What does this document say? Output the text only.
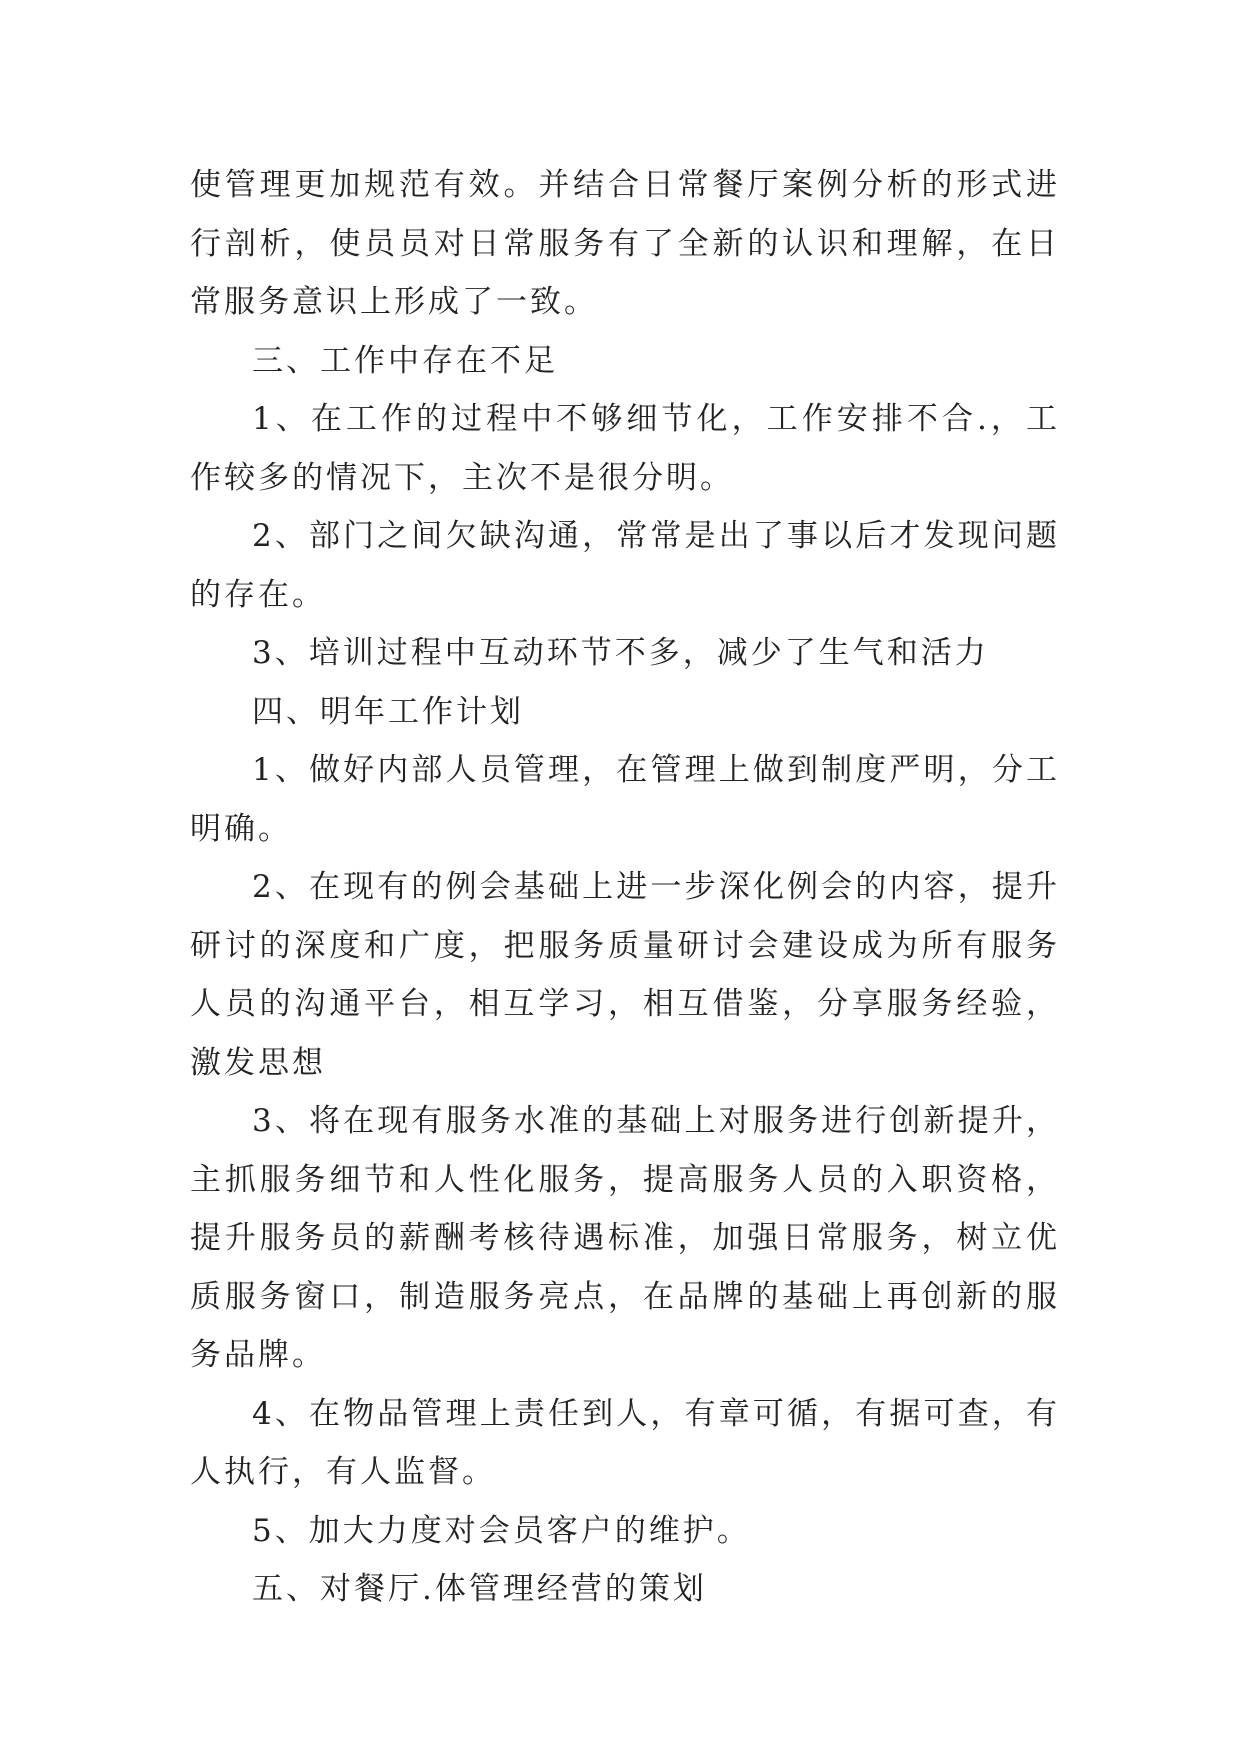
使管理更加规范有效。并结合日常餐厅案例分析的形式进行剖析，使员员对日常服务有了全新的认识和理解，在日常服务意识上形成了一致。

三、工作中存在不足

1、在工作的过程中不够细节化，工作安排不合.，工作较多的情况下，主次不是很分明。

2、部门之间欠缺沟通，常常是出了事以后才发现问题的存在。

3、培训过程中互动环节不多，减少了生气和活力

四、明年工作计划

1、做好内部人员管理，在管理上做到制度严明，分工明确。

2、在现有的例会基础上进一步深化例会的内容，提升研讨的深度和广度，把服务质量研讨会建设成为所有服务人员的沟通平台，相互学习，相互借鉴，分享服务经验，激发思想

3、将在现有服务水准的基础上对服务进行创新提升，主抓服务细节和人性化服务，提高服务人员的入职资格，提升服务员的薪酬考核待遇标准，加强日常服务，树立优质服务窗口，制造服务亮点，在品牌的基础上再创新的服务品牌。

4、在物品管理上责任到人，有章可循，有据可查，有人执行，有人监督。

5、加大力度对会员客户的维护。

五、对餐厅.体管理经营的策划
